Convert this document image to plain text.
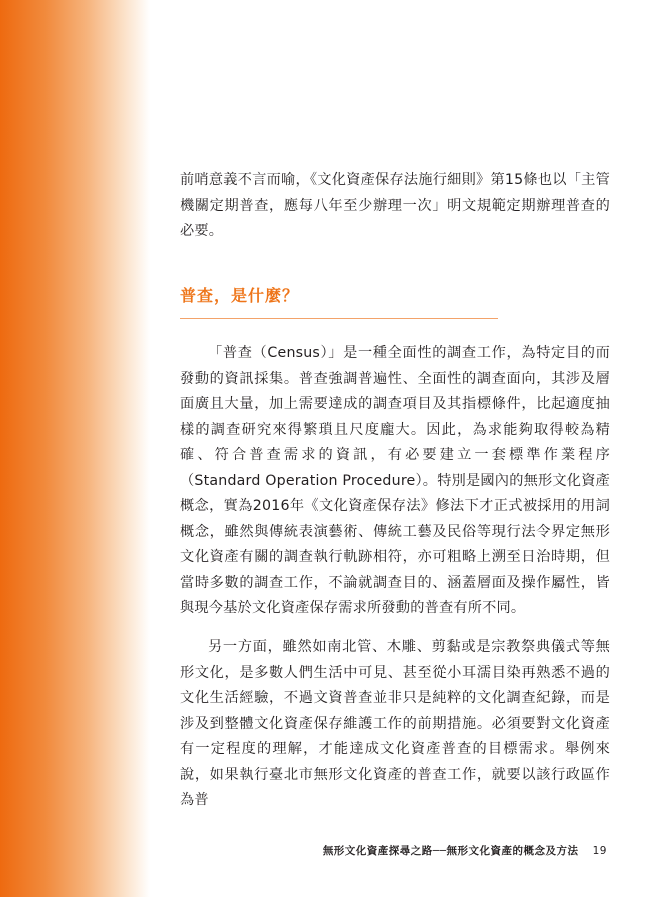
前哨意義不言而喻，《文化資產保存法施行細則》第15條也以「主管機關定期普查，應每八年至少辦理一次」明文規範定期辦理普查的必要。

普查，是什麼？

「普查（Census）」是一種全面性的調查工作，為特定目的而發動的資訊採集。普查強調普遍性、全面性的調查面向，其涉及層面廣且大量，加上需要達成的調查項目及其指標條件，比起適度抽樣的調查研究來得繁瑣且尺度龐大。因此，為求能夠取得較為精確、符合普查需求的資訊，有必要建立一套標準作業程序（Standard Operation Procedure）。特別是國內的無形文化資產概念，實為2016年《文化資產保存法》修法下才正式被採用的用詞概念，雖然與傳統表演藝術、傳統工藝及民俗等現行法令界定無形文化資產有關的調查執行軌跡相符，亦可粗略上溯至日治時期，但當時多數的調查工作，不論就調查目的、涵蓋層面及操作屬性，皆與現今基於文化資產保存需求所發動的普查有所不同。

另一方面，雖然如南北管、木雕、剪黏或是宗教祭典儀式等無形文化，是多數人們生活中可見、甚至從小耳濡目染再熟悉不過的文化生活經驗，不過文資普查並非只是純粹的文化調查紀錄，而是涉及到整體文化資產保存維護工作的前期措施。必須要對文化資產有一定程度的理解，才能達成文化資產普查的目標需求。舉例來說，如果執行臺北市無形文化資產的普查工作，就要以該行政區作為普

無形文化資產探尋之路──無形文化資產的概念及方法 19
